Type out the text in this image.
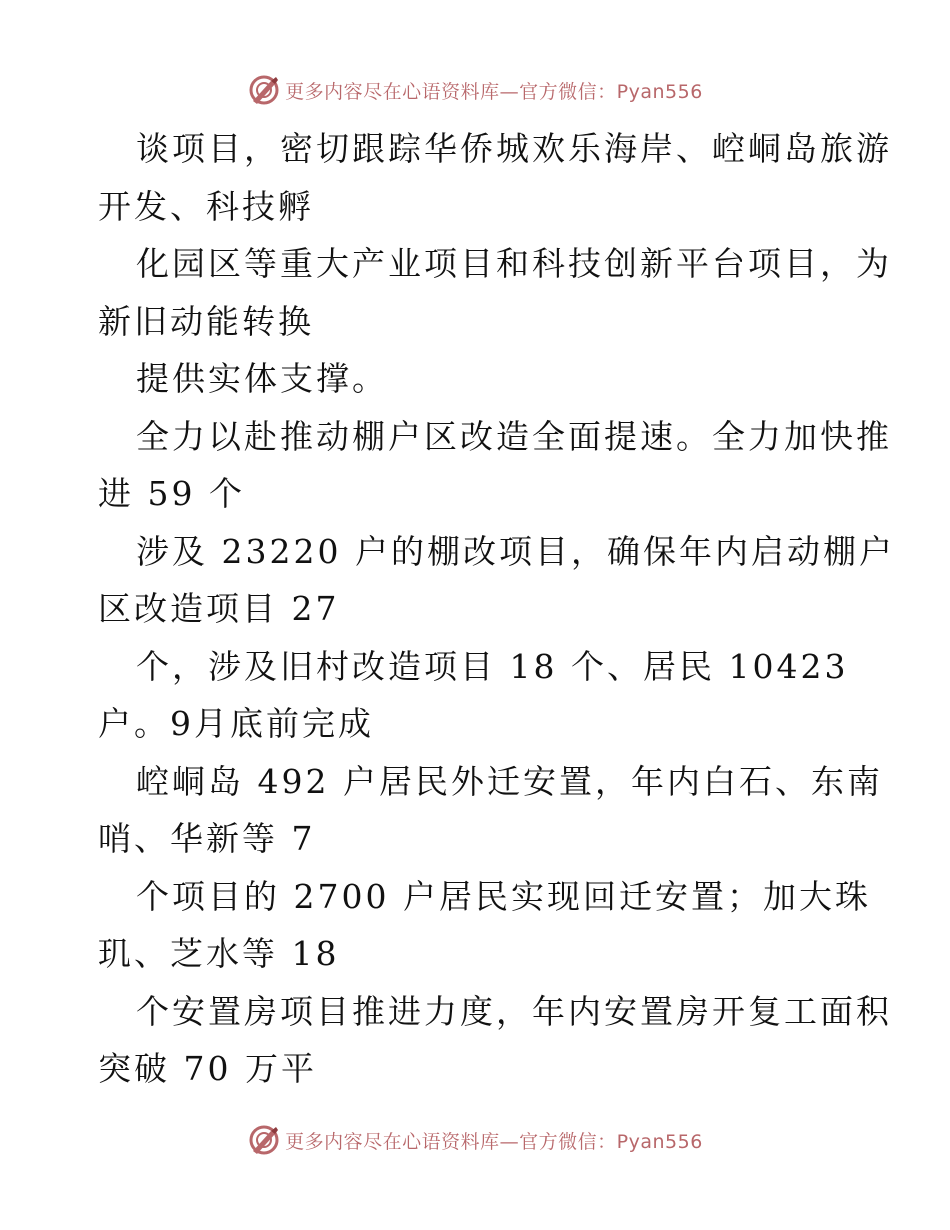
更多内容尽在心语资料库—官方微信：Pyan556
谈项目，密切跟踪华侨城欢乐海岸、崆峒岛旅游
开发、科技孵
化园区等重大产业项目和科技创新平台项目，为
新旧动能转换
提供实体支撑。
全力以赴推动棚户区改造全面提速。全力加快推
进 59 个
涉及 23220 户的棚改项目，确保年内启动棚户
区改造项目 27
个，涉及旧村改造项目 18 个、居民 10423
户。9月底前完成
崆峒岛 492 户居民外迁安置，年内白石、东南
哨、华新等 7
个项目的 2700 户居民实现回迁安置；加大珠
玑、芝水等 18
个安置房项目推进力度，年内安置房开复工面积
突破 70 万平
更多内容尽在心语资料库—官方微信：Pyan556
